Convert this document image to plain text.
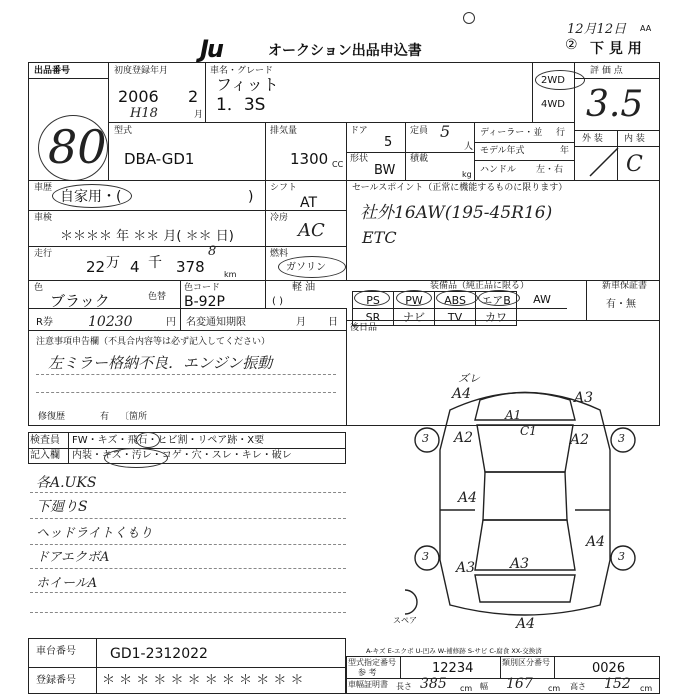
Ju	オークション出品申込書
12月12日 AA
② 下 見 用
出品番号
80
初度登録年月
2006
H18
2
月
車名・グレード
フィット
1．3S
2WD
4WD
評 価 点
3.5
型式
DBA-GD1
排気量
1300 CC
ドア
5
定員 5
人
ディーラー・並 行
モデル年式	年
ハンドル 左・右
形状
BW
積載
kg
外 装 内 装
C
車歴
自家用・(	)
シフト
AT
セールスポイント（正常に機能するものに限ります）
社外16AW(195-45R16)
ETC
車検
＊＊＊＊ 年 ＊＊ 月( ＊＊ 日)
冷房
AC
走行
22 万 4 千 378 km
8	燃料
ガソリン
色
ブラック	色替
色コード
B-92P
軽 油
( )
装備品（純正品に限る）
PS	PW	ABS	エアB	AW
SR	ナビ	TV	カワ	
新車保証書
有・無
R券	10230	円 名変通知期限	月 日 後日品
注意事項申告欄（不具合内容等は必ず記入してください）
左ミラー格納不良．エンジン振動
修復歴	有 〔箇所
検査員 FW・キズ・飛石・ヒビ割・リペア跡・X要
記入欄 内装・キズ・汚レ・コゲ・穴・スレ・キレ・破レ
各A.UKS
下廻りS
ヘッドライトくもり
ドアエクボA
ホイールA
スペア
ズレ
A4	A3
A1
C1
A2	A2
A4
A4
A3 A3
A4
3	3
3	3
A-キズ E-エクボ U-凹み W-補修跡 S-サビ C-腐食 XX-交換済
車台番号 GD1-2312022
登録番号 ＊ ＊ ＊ ＊ ＊ ＊ ＊ ＊ ＊ ＊ ＊ ＊
型式指定番号
参 考	12234	類別区分番号	0026
車幅証明書 長さ 385 cm 幅 167 cm 高さ 152 cm
